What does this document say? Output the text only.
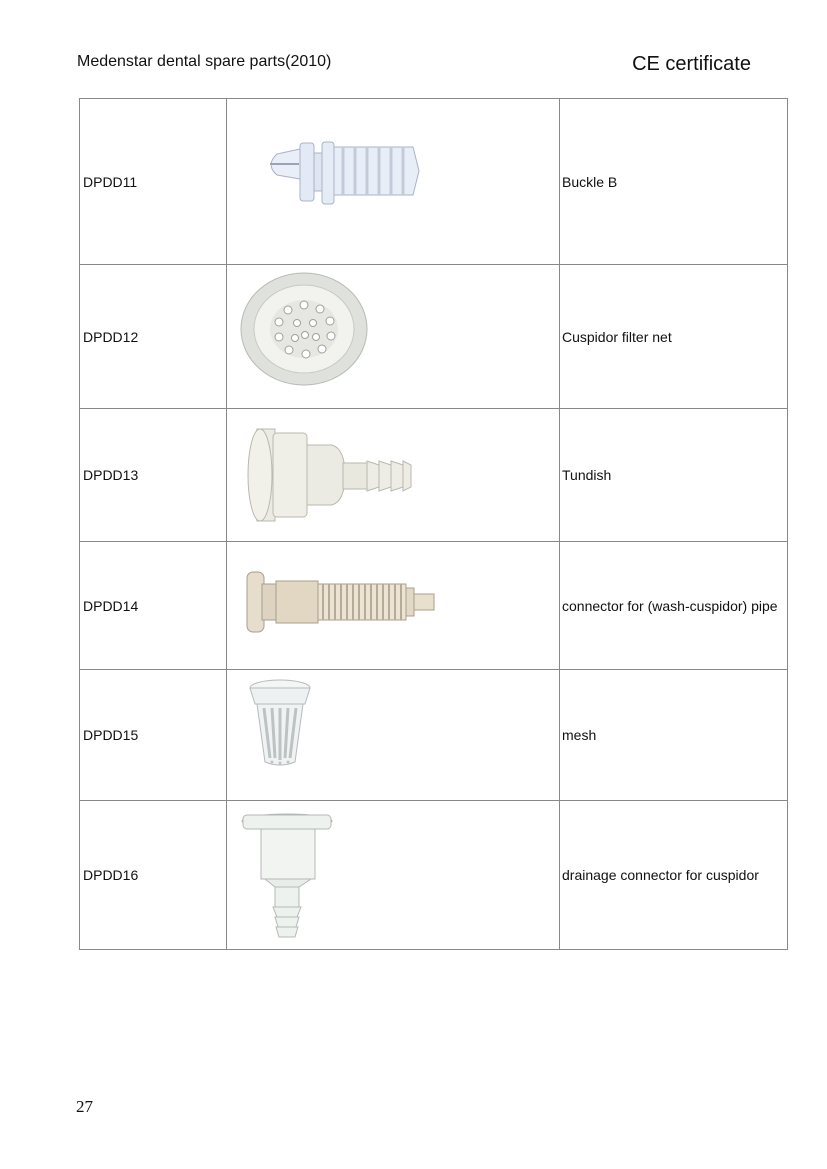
Medenstar dental spare parts(2010)	CE certificate
DPDD11		Buckle B
DPDD12		Cuspidor filter net
DPDD13		Tundish
DPDD14		connector for (wash-cuspidor) pipe
DPDD15		mesh
DPDD16		drainage connector for cuspidor
27
